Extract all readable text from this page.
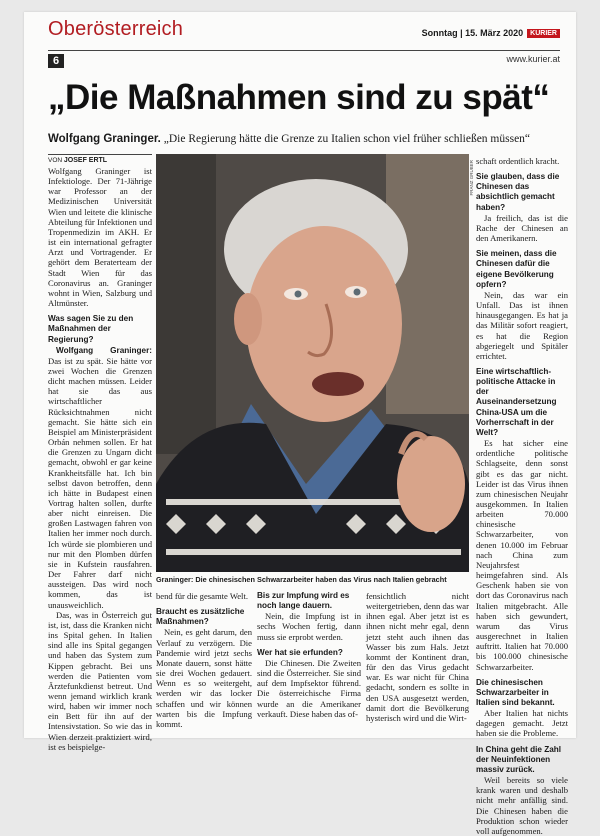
Oberösterreich	Sonntag | 15. März 2020 KURIER
6	www.kurier.at
„Die Maßnahmen sind zu spät“
Wolfgang Graninger. „Die Regierung hätte die Grenze zu Italien schon viel früher schließen müssen“
VON JOSEF ERTL

Wolfgang Graninger ist Infektiologe. Der 71-Jährige war Professor an der Medizinischen Universität Wien und leitete die klinische Abteilung für Infektionen und Tropenmedizin im AKH. Er ist ein international gefragter Arzt und Vortragender. Er gehört dem Beraterteam der Stadt Wien für das Coronavirus an. Graninger wohnt in Wien, Salzburg und Altmünster.

Was sagen Sie zu den Maßnahmen der Regierung?

Wolfgang Graninger: Das ist zu spät. Sie hätte vor zwei Wochen die Grenzen dicht machen müssen. Leider hat sie das aus wirtschaftlicher Rücksichtnahmen nicht gemacht. Sie hätte sich ein Beispiel am Ministerpräsident Orbán nehmen sollen. Er hat die Grenzen zu Ungarn dicht gemacht, obwohl er gar keine Krankheitsfälle hat. Ich bin selbst davon betroffen, denn ich hätte in Budapest einen Vortrag halten sollen, durfte aber nicht einreisen. Die großen Lastwagen fahren von Italien her immer noch durch. Ich würde sie plombieren und nur mit den Plomben dürfen sie in Kufstein rausfahren. Der Fahrer darf nicht aussteigen. Das wird noch kommen, das ist unausweichlich.

Das, was in Österreich gut ist, ist, dass die Kranken nicht ins Spital gehen. In Italien sind alle ins Spital gegangen und haben das System zum Kippen gebracht. Bei uns werden die Patienten vom Ärztefunkdienst betreut. Und wenn jemand wirklich krank wird, haben wir immer noch ein Bett für ihn auf der Intensivstation. So wie das in Wien derzeit praktiziert wird, ist es beispielge-

FRANZ GRUBER
Graninger: Die chinesischen Schwarzarbeiter haben das Virus nach Italien gebracht

bend für die gesamte Welt.

Braucht es zusätzliche Maßnahmen?

Nein, es geht darum, den Verlauf zu verzögern. Die Pandemie wird jetzt sechs Monate dauern, sonst hätte sie drei Wochen gedauert. Wenn es so weitergeht, werden wir das locker schaffen und wir können warten bis die Impfung kommt.

Bis zur Impfung wird es noch lange dauern.

Nein, die Impfung ist in sechs Wochen fertig, dann muss sie erprobt werden.

Wer hat sie erfunden?

Die Chinesen. Die Zweiten sind die Österreicher. Sie sind auf dem Impfsektor führend. Die österreichische Firma wurde an die Amerikaner verkauft. Diese haben das of-

fensichtlich nicht weitergetrieben, denn das war ihnen egal. Aber jetzt ist es ihnen nicht mehr egal, denn jetzt steht auch ihnen das Wasser bis zum Hals. Jetzt kommt der Kontinent dran, für den das Virus gedacht war. Es war nicht für China gedacht, sondern es sollte in den USA ausgesetzt werden, damit dort die Bevölkerung hysterisch wird und die Wirt-

schaft ordentlich kracht.

Sie glauben, dass die Chinesen das absichtlich gemacht haben?

Ja freilich, das ist die Rache der Chinesen an den Amerikanern.

Sie meinen, dass die Chinesen dafür die eigene Bevölkerung opfern?

Nein, das war ein Unfall. Das ist ihnen hinausgegangen. Es hat ja das Militär sofort reagiert, es hat die Region abgeriegelt und Spitäler errichtet.

Eine wirtschaftlich-politische Attacke in der Auseinandersetzung China-USA um die Vorherrschaft in der Welt?

Es hat sicher eine ordentliche politische Schlagseite, denn sonst gibt es das gar nicht. Leider ist das Virus ihnen zum chinesischen Neujahr ausgekommen. In Italien arbeiten 70.000 chinesische Schwarzarbeiter, von denen 10.000 im Februar nach China zum Neujahrsfest heimgefahren sind. Als Geschenk haben sie von dort das Coronavirus nach Italien mitgebracht. Alle haben sich gewundert, warum das Virus ausgerechnet in Italien auftritt. Italien hat 70.000 bis 100.000 chinesische Schwarzarbeiter.

Die chinesischen Schwarzarbeiter in Italien sind bekannt.

Aber Italien hat nichts dagegen gemacht. Jetzt haben sie die Probleme.

In China geht die Zahl der Neuinfektionen massiv zurück.

Weil bereits so viele krank waren und deshalb nicht mehr anfällig sind. Die Chinesen haben die Produktion schon wieder voll aufgenommen.
